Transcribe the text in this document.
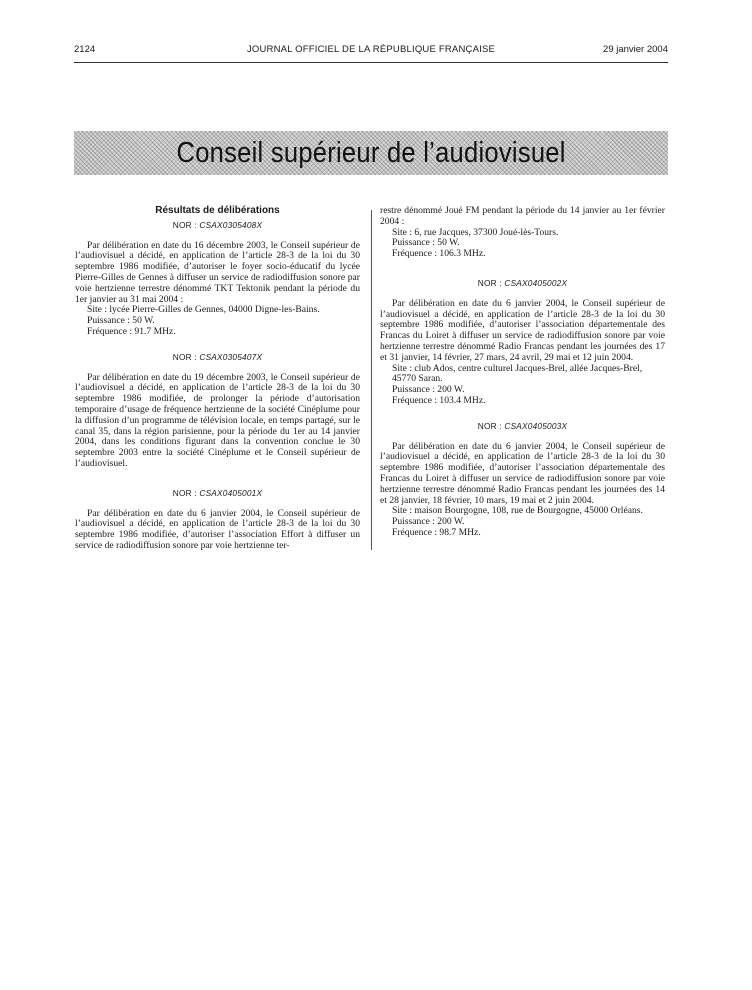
2124	JOURNAL OFFICIEL DE LA RÉPUBLIQUE FRANÇAISE	29 janvier 2004
Conseil supérieur de l’audiovisuel
Résultats de délibérations
NOR : CSAX0305408X

Par délibération en date du 16 décembre 2003, le Conseil supérieur de l’audiovisuel a décidé, en application de l’article 28-3 de la loi du 30 septembre 1986 modifiée, d’autoriser le foyer socio-éducatif du lycée Pierre-Gilles de Gennes à diffuser un service de radiodiffusion sonore par voie hertzienne terrestre dénommé TKT Tektonik pendant la période du 1er janvier au 31 mai 2004 :

Site : lycée Pierre-Gilles de Gennes, 04000 Digne-les-Bains.

Puissance : 50 W.

Fréquence : 91.7 MHz.

NOR : CSAX0305407X

Par délibération en date du 19 décembre 2003, le Conseil supérieur de l’audiovisuel a décidé, en application de l’article 28-3 de la loi du 30 septembre 1986 modifiée, de prolonger la période d’autorisation temporaire d’usage de fréquence hertzienne de la société Cinéplume pour la diffusion d’un programme de télévision locale, en temps partagé, sur le canal 35, dans la région parisienne, pour la période du 1er au 14 janvier 2004, dans les conditions figurant dans la convention conclue le 30 septembre 2003 entre la société Cinéplume et le Conseil supérieur de l’audiovisuel.

NOR : CSAX0405001X

Par délibération en date du 6 janvier 2004, le Conseil supérieur de l’audiovisuel a décidé, en application de l’article 28-3 de la loi du 30 septembre 1986 modifiée, d’autoriser l’association Effort à diffuser un service de radiodiffusion sonore par voie hertzienne ter-

restre dénommé Joué FM pendant la période du 14 janvier au 1er février 2004 :

Site : 6, rue Jacques, 37300 Joué-lès-Tours.

Puissance : 50 W.

Fréquence : 106.3 MHz.

NOR : CSAX0405002X

Par délibération en date du 6 janvier 2004, le Conseil supérieur de l’audiovisuel a décidé, en application de l’article 28-3 de la loi du 30 septembre 1986 modifiée, d’autoriser l’association départementale des Francas du Loiret à diffuser un service de radiodiffusion sonore par voie hertzienne terrestre dénommé Radio Francas pendant les journées des 17 et 31 janvier, 14 février, 27 mars, 24 avril, 29 mai et 12 juin 2004.

Site : club Ados, centre culturel Jacques-Brel, allée Jacques-Brel, 45770 Saran.

Puissance : 200 W.

Fréquence : 103.4 MHz.

NOR : CSAX0405003X

Par délibération en date du 6 janvier 2004, le Conseil supérieur de l’audiovisuel a décidé, en application de l’article 28-3 de la loi du 30 septembre 1986 modifiée, d’autoriser l’association départementale des Francas du Loiret à diffuser un service de radiodiffusion sonore par voie hertzienne terrestre dénommé Radio Francas pendant les journées des 14 et 28 janvier, 18 février, 10 mars, 19 mai et 2 juin 2004.

Site : maison Bourgogne, 108, rue de Bourgogne, 45000 Orléans.

Puissance : 200 W.

Fréquence : 98.7 MHz.
